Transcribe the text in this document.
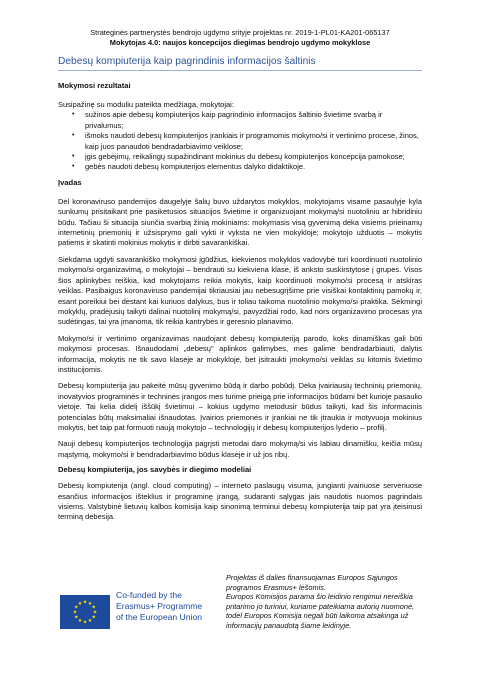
Strateginės partnerystės bendrojo ugdymo srityje projektas nr. 2019-1-PL01-KA201-065137
Mokytojas 4.0: naujos koncepcijos diegimas bendrojo ugdymo mokyklose
Debesų kompiuterija kaip pagrindinis informacijos šaltinis
Mokymosi rezultatai

Susipažinę su moduliu pateikta medžiaga, mokytojai:

• sužinos apie debesų kompiuterijos kaip pagrindinio informacijos šaltinio švietime svarbą ir privalumus;
• išmoks naudoti debesų kompiuterijos įrankiais ir programomis mokymo/si ir vertinimo procese, žinos, kaip juos panaudoti bendradarbiavimo veiklose;
• įgis gebėjimų, reikalingų supažindinant mokinius du debesų kompiuterijos koncepcija pamokose;
• gebės naudoti debesų kompiuterijos elementus dalyko didaktikoje.
Įvadas

Dėl koronaviruso pandemijos daugelyje šalių buvo uždarytos mokyklos, mokytojams visame pasaulyje kyla sunkumų prisitaikant prie pasiketusios situacijos švietime ir organizuojant mokymą/si nuotoliniu ar hibridiniu būdu. Tačiau ši situacija siunčia svarbią žinią mokiniams: mokymasis visą gyvenimą dėka visiems prieinamų internetinių priemonių ir užsisprymo gali vykti ir vyksta ne vien mokykloje; mokytojo užduotis – mokytis patiems ir skatinti mokinius mokytis ir dirbti savarankiškai.

Siekdama ugdyti savarankiško mokymosi įgūdžius, kiekvienos mokyklos vadovybė turi koordinuoti nuotolinio mokymo/si organizavimą, o mokytojai – bendrauti su kiekviena klase, iš anksto suskirstytose į grupes. Visos šios aplinkybės reiškia, kad mokytojams reikia mokytis, kaip koordinuoti mokymo/si procesą ir atskiras veiklas. Pasibaigus koronaviruso pandemijai tikriausiai jau nebesugrįšime prie visiškai kontaktinių pamokų ir, esant poreikiui bei dėstant kai kuriuos dalykus, bus ir toliau taikoma nuotolinio mokymo/si praktika. Sėkmingi mokyklų, pradėjusių taikyti dalinai nuotolinį mokymą/si, pavyzdžiai rodo, kad nors organizavimo procesas yra sudėtingas, tai yra įmanoma, tik reikia kantrybės ir geresnio planavimo.

Mokymo/si ir vertinimo organizavimas naudojant debesų kompiuteriją parodo, koks dinamiškas gali būti mokymosi procesas. Išnaudodami „debesų" aplinkos galimybes, mes galime bendradarbiauti, dalytis informacija, mokytis ne tik savo klasėje ar mokykloje, bet įsitraukti įmokymo/si veiklas su kitomis švietimo institucijomis.

Debesų kompiuterija jau pakeitė mūsų gyvenimo būdą ir darbo pobūdį. Dėka įvairiausių techninių priemonių, inovatyvios programinės ir techninės įrangos mes turime prieigą prie informacijos būdami bet kurioje pasaulio vietoje. Tai kelia didelį iššūkį švietimui – kokius ugdymo metodusir būdus taikyti, kad šis informacinis potencialas būtų maksimaliai išnaudotas. Įvairios priemonės ir įrankiai ne tik įtraukia ir motyvuoja mokinius mokytis, bet taip pat formuoti naują mokytojo – technologijų ir debesų kompiuterijos lyderio – profilį.

Nauji debesų kompiuterijos technologija pagrįsti metodai daro mokymą/si vis labiau dinamišku, keičia mūsų mąstymą, mokymo/si ir bendradarbiavimo būdus klasėje ir už jos ribų.

Debesų kompiuterija, jos savybės ir diegimo modeliai

Debesų kompiuterija (angl. cloud computing) – interneto paslaugų visuma, jungianti įvairiuose serveriuose esančius informacijos išteklius ir programinę įrangą, sudaranti sąlygas jais naudotis nuomos pagrindais visiems. Valstybinė lietuvių kalbos komisija kaip sinonimą terminui debesų kompiuterija taip pat yra įteisinusi terminą debesija.

★ ★
★
★
★
★
★
★
★
★
★
★
Co-funded by the Erasmus+ Programme of the European Union

Projektas iš dalies finansuojamas Europos Sąjungos programos Erasmus+ lėšomis.

Europos Komisijos parama šio leidinio rengimui nereiškia pritarimo jo turiniui, kuriame pateikiama autorių nuomonė, todėl Europos Komisija negali būti laikoma atsakinga už informacijų panaudotą šiame leidinyje.
